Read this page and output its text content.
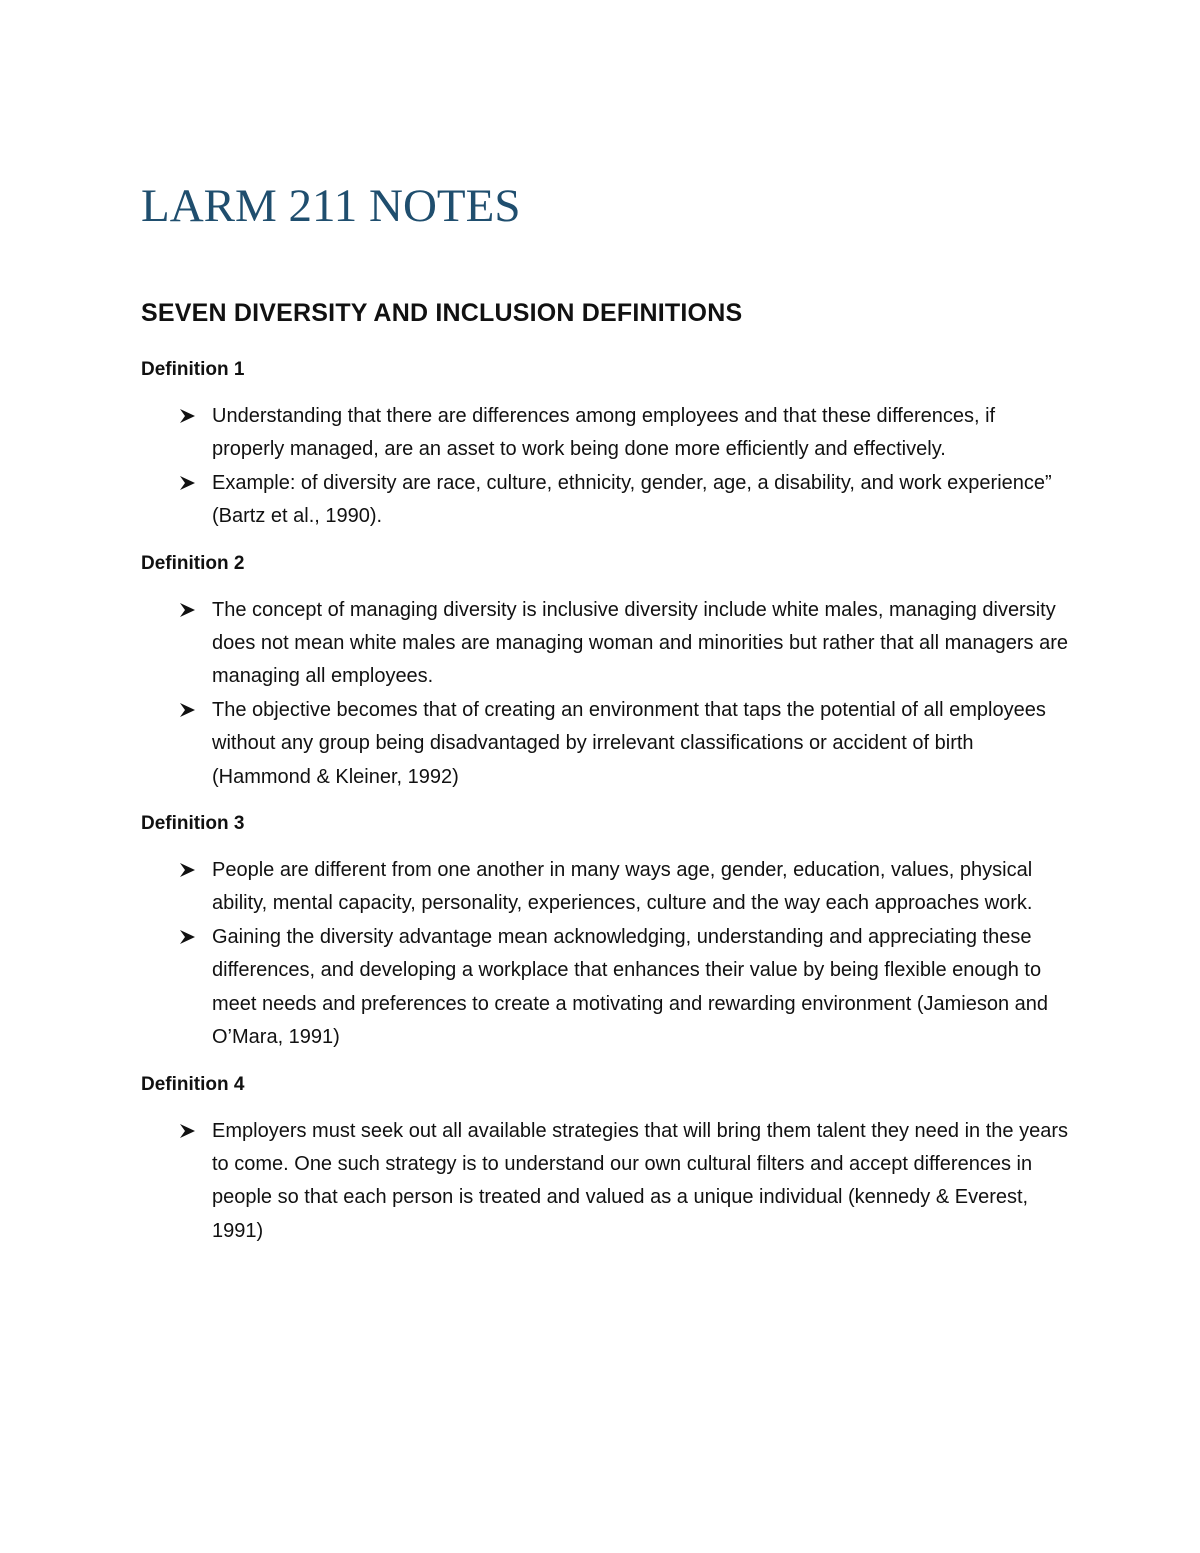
LARM 211 NOTES
SEVEN DIVERSITY AND INCLUSION DEFINITIONS

Definition 1

Understanding that there are differences among employees and that these differences, if properly managed, are an asset to work being done more efficiently and effectively.
Example: of diversity are race, culture, ethnicity, gender, age, a disability, and work experience” (Bartz et al., 1990).

Definition 2

The concept of managing diversity is inclusive diversity include white males, managing diversity does not mean white males are managing woman and minorities but rather that all managers are managing all employees.
The objective becomes that of creating an environment that taps the potential of all employees without any group being disadvantaged by irrelevant classifications or accident of birth (Hammond & Kleiner, 1992)

Definition 3

People are different from one another in many ways age, gender, education, values, physical ability, mental capacity, personality, experiences, culture and the way each approaches work.
Gaining the diversity advantage mean acknowledging, understanding and appreciating these differences, and developing a workplace that enhances their value by being flexible enough to meet needs and preferences to create a motivating and rewarding environment (Jamieson and O’Mara, 1991)

Definition 4

Employers must seek out all available strategies that will bring them talent they need in the years to come. One such strategy is to understand our own cultural filters and accept differences in people so that each person is treated and valued as a unique individual (kennedy & Everest, 1991)
